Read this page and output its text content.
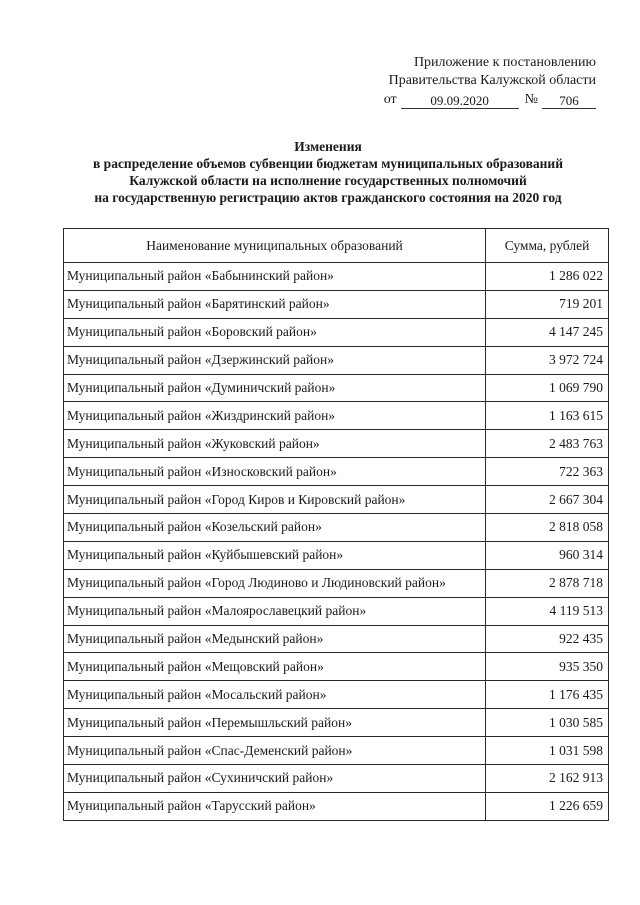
Приложение к постановлению
Правительства Калужской области
от	09.09.2020	№	706
Изменения
в распределение объемов субвенции бюджетам муниципальных образований
Калужской области на исполнение государственных полномочий
на государственную регистрацию актов гражданского состояния на 2020 год
Наименование муниципальных образований	Сумма, рублей
Муниципальный район «Бабынинский район»	1 286 022
Муниципальный район «Барятинский район»	719 201
Муниципальный район «Боровский район»	4 147 245
Муниципальный район «Дзержинский район»	3 972 724
Муниципальный район «Думиничский район»	1 069 790
Муниципальный район «Жиздринский район»	1 163 615
Муниципальный район «Жуковский район»	2 483 763
Муниципальный район «Износковский район»	722 363
Муниципальный район «Город Киров и Кировский район»	2 667 304
Муниципальный район «Козельский район»	2 818 058
Муниципальный район «Куйбышевский район»	960 314
Муниципальный район «Город Людиново и Людиновский район»	2 878 718
Муниципальный район «Малоярославецкий район»	4 119 513
Муниципальный район «Медынский район»	922 435
Муниципальный район «Мещовский район»	935 350
Муниципальный район «Мосальский район»	1 176 435
Муниципальный район «Перемышльский район»	1 030 585
Муниципальный район «Спас-Деменский район»	1 031 598
Муниципальный район «Сухиничский район»	2 162 913
Муниципальный район «Тарусский район»	1 226 659
